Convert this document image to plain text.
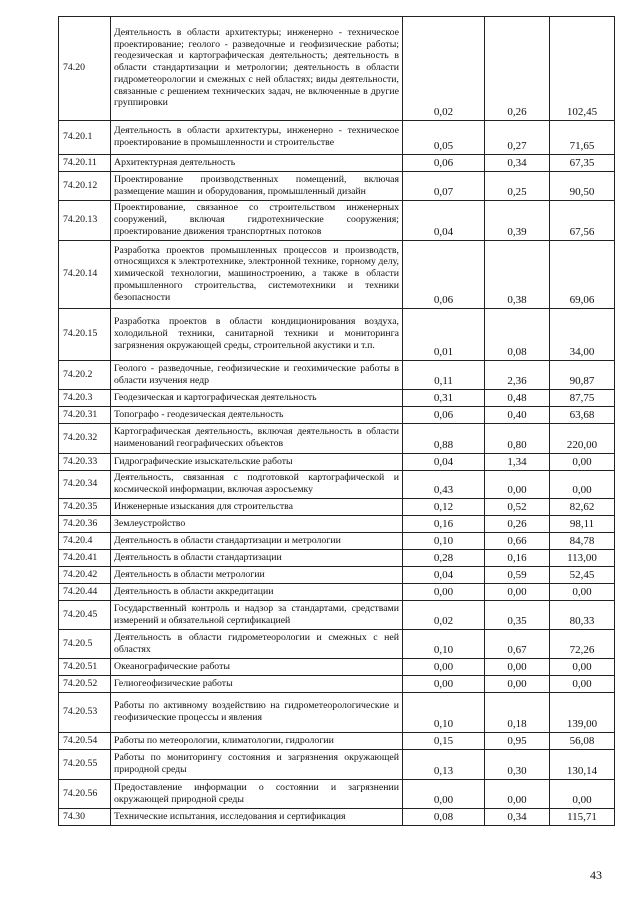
74.20	Деятельность в области архитектуры; инженерно - техническое проектирование; геолого - разведочные и геофизические работы; геодезическая и картографическая деятельность; деятельность в области стандартизации и метрологии; деятельность в области гидрометеорологии и смежных с ней областях; виды деятельности, связанные с решением технических задач, не включенные в другие группировки	0,02	0,26	102,45
74.20.1	Деятельность в области архитектуры, инженерно - техническое проектирование в промышленности и строительстве	0,05	0,27	71,65
74.20.11	Архитектурная деятельность	0,06	0,34	67,35
74.20.12	Проектирование производственных помещений, включая размещение машин и оборудования, промышленный дизайн	0,07	0,25	90,50
74.20.13	Проектирование, связанное со строительством инженерных сооружений, включая гидротехнические сооружения; проектирование движения транспортных потоков	0,04	0,39	67,56
74.20.14	Разработка проектов промышленных процессов и производств, относящихся к электротехнике, электронной технике, горному делу, химической технологии, машиностроению, а также в области промышленного строительства, системотехники и техники безопасности	0,06	0,38	69,06
74.20.15	Разработка проектов в области кондиционирования воздуха, холодильной техники, санитарной техники и мониторинга загрязнения окружающей среды, строительной акустики и т.п.	0,01	0,08	34,00
74.20.2	Геолого - разведочные, геофизические и геохимические работы в области изучения недр	0,11	2,36	90,87
74.20.3	Геодезическая и картографическая деятельность	0,31	0,48	87,75
74.20.31	Топографо - геодезическая деятельность	0,06	0,40	63,68
74.20.32	Картографическая деятельность, включая деятельность в области наименований географических объектов	0,88	0,80	220,00
74.20.33	Гидрографические изыскательские работы	0,04	1,34	0,00
74.20.34	Деятельность, связанная с подготовкой картографической и космической информации, включая аэросъемку	0,43	0,00	0,00
74.20.35	Инженерные изыскания для строительства	0,12	0,52	82,62
74.20.36	Землеустройство	0,16	0,26	98,11
74.20.4	Деятельность в области стандартизации и метрологии	0,10	0,66	84,78
74.20.41	Деятельность в области стандартизации	0,28	0,16	113,00
74.20.42	Деятельность в области метрологии	0,04	0,59	52,45
74.20.44	Деятельность в области аккредитации	0,00	0,00	0,00
74.20.45	Государственный контроль и надзор за стандартами, средствами измерений и обязательной сертификацией	0,02	0,35	80,33
74.20.5	Деятельность в области гидрометеорологии и смежных с ней областях	0,10	0,67	72,26
74.20.51	Океанографические работы	0,00	0,00	0,00
74.20.52	Гелиогеофизические работы	0,00	0,00	0,00
74.20.53	Работы по активному воздействию на гидрометеорологические и геофизические процессы и явления	0,10	0,18	139,00
74.20.54	Работы по метеорологии, климатологии, гидрологии	0,15	0,95	56,08
74.20.55	Работы по мониторингу состояния и загрязнения окружающей природной среды	0,13	0,30	130,14
74.20.56	Предоставление информации о состоянии и загрязнении окружающей природной среды	0,00	0,00	0,00
74.30	Технические испытания, исследования и сертификация	0,08	0,34	115,71
43
